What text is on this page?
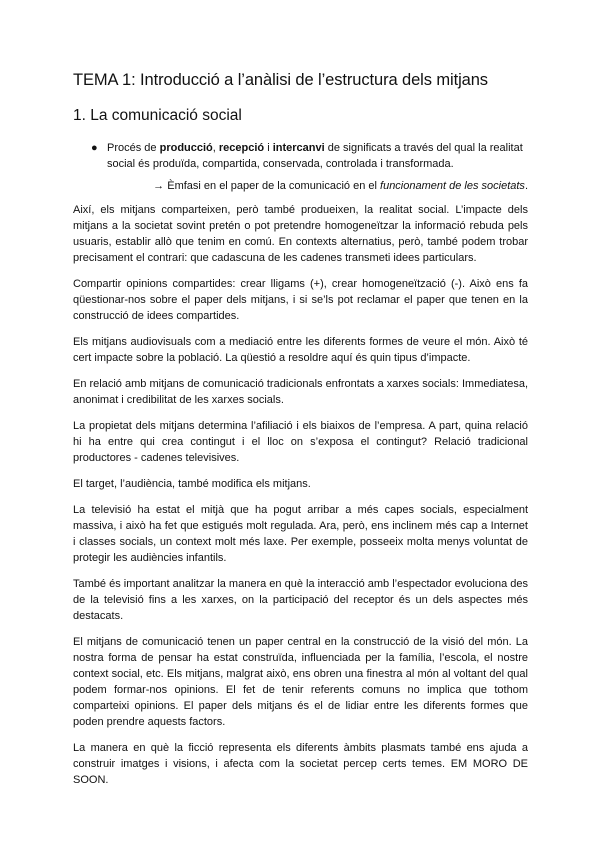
TEMA 1: Introducció a l’anàlisi de l’estructura dels mitjans
1. La comunicació social
● Procés de producció, recepció i intercanvi de significats a través del qual la realitat social és produïda, compartida, conservada, controlada i transformada.
→ Èmfasi en el paper de la comunicació en el funcionament de les societats.

Així, els mitjans comparteixen, però també produeixen, la realitat social. L’impacte dels mitjans a la societat sovint pretén o pot pretendre homogeneïtzar la informació rebuda pels usuaris, establir allò que tenim en comú. En contexts alternatius, però, també podem trobar precisament el contrari: que cadascuna de les cadenes transmeti idees particulars.

Compartir opinions compartides: crear lligams (+), crear homogeneïtzació (-). Això ens fa qüestionar-nos sobre el paper dels mitjans, i si se’ls pot reclamar el paper que tenen en la construcció de idees compartides.

Els mitjans audiovisuals com a mediació entre les diferents formes de veure el món. Això té cert impacte sobre la població. La qüestió a resoldre aquí és quin tipus d’impacte.

En relació amb mitjans de comunicació tradicionals enfrontats a xarxes socials: Immediatesa, anonimat i credibilitat de les xarxes socials.

La propietat dels mitjans determina l’afiliació i els biaixos de l’empresa. A part, quina relació hi ha entre qui crea contingut i el lloc on s’exposa el contingut? Relació tradicional productores - cadenes televisives.

El target, l’audiència, també modifica els mitjans.

La televisió ha estat el mitjà que ha pogut arribar a més capes socials, especialment massiva, i això ha fet que estigués molt regulada. Ara, però, ens inclinem més cap a Internet i classes socials, un context molt més laxe. Per exemple, posseeix molta menys voluntat de protegir les audiències infantils.

També és important analitzar la manera en què la interacció amb l’espectador evoluciona des de la televisió fins a les xarxes, on la participació del receptor és un dels aspectes més destacats.

El mitjans de comunicació tenen un paper central en la construcció de la visió del món. La nostra forma de pensar ha estat construïda, influenciada per la família, l’escola, el nostre context social, etc. Els mitjans, malgrat això, ens obren una finestra al món al voltant del qual podem formar-nos opinions. El fet de tenir referents comuns no implica que tothom comparteixi opinions. El paper dels mitjans és el de lidiar entre les diferents formes que poden prendre aquests factors.

La manera en què la ficció representa els diferents àmbits plasmats també ens ajuda a construir imatges i visions, i afecta com la societat percep certs temes. EM MORO DE SOON.
